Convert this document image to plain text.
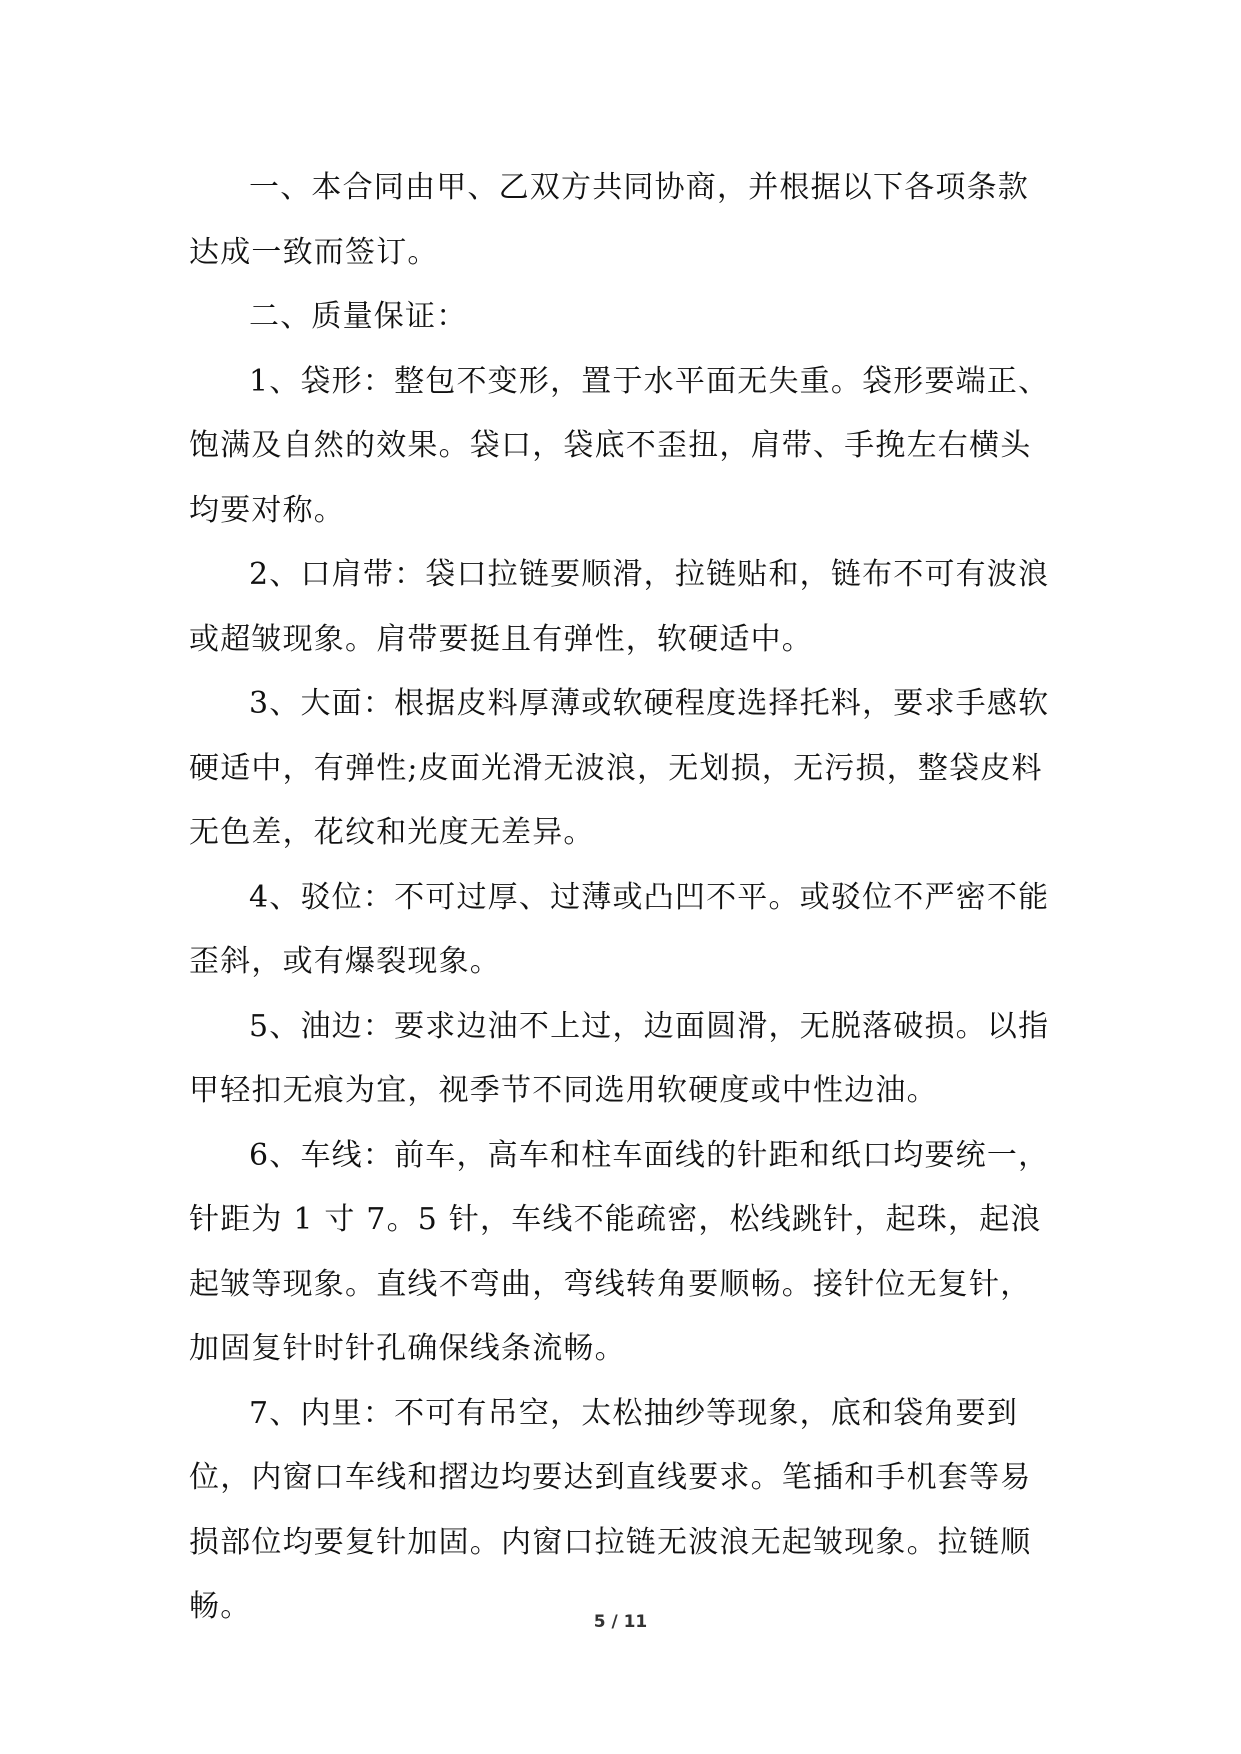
一、本合同由甲、乙双方共同协商，并根据以下各项条款达成一致而签订。

二、质量保证：

1、袋形：整包不变形，置于水平面无失重。袋形要端正、饱满及自然的效果。袋口，袋底不歪扭，肩带、手挽左右横头均要对称。

2、口肩带：袋口拉链要顺滑，拉链贴和，链布不可有波浪或超皱现象。肩带要挺且有弹性，软硬适中。

3、大面：根据皮料厚薄或软硬程度选择托料，要求手感软硬适中，有弹性;皮面光滑无波浪，无划损，无污损，整袋皮料无色差，花纹和光度无差异。

4、驳位：不可过厚、过薄或凸凹不平。或驳位不严密不能歪斜，或有爆裂现象。

5、油边：要求边油不上过，边面圆滑，无脱落破损。以指甲轻扣无痕为宜，视季节不同选用软硬度或中性边油。

6、车线：前车，高车和柱车面线的针距和纸口均要统一，针距为 1 寸 7。5 针，车线不能疏密，松线跳针，起珠，起浪起皱等现象。直线不弯曲，弯线转角要顺畅。接针位无复针，加固复针时针孔确保线条流畅。

7、内里：不可有吊空，太松抽纱等现象，底和袋角要到位，内窗口车线和摺边均要达到直线要求。笔插和手机套等易损部位均要复针加固。内窗口拉链无波浪无起皱现象。拉链顺畅。	5 / 11
